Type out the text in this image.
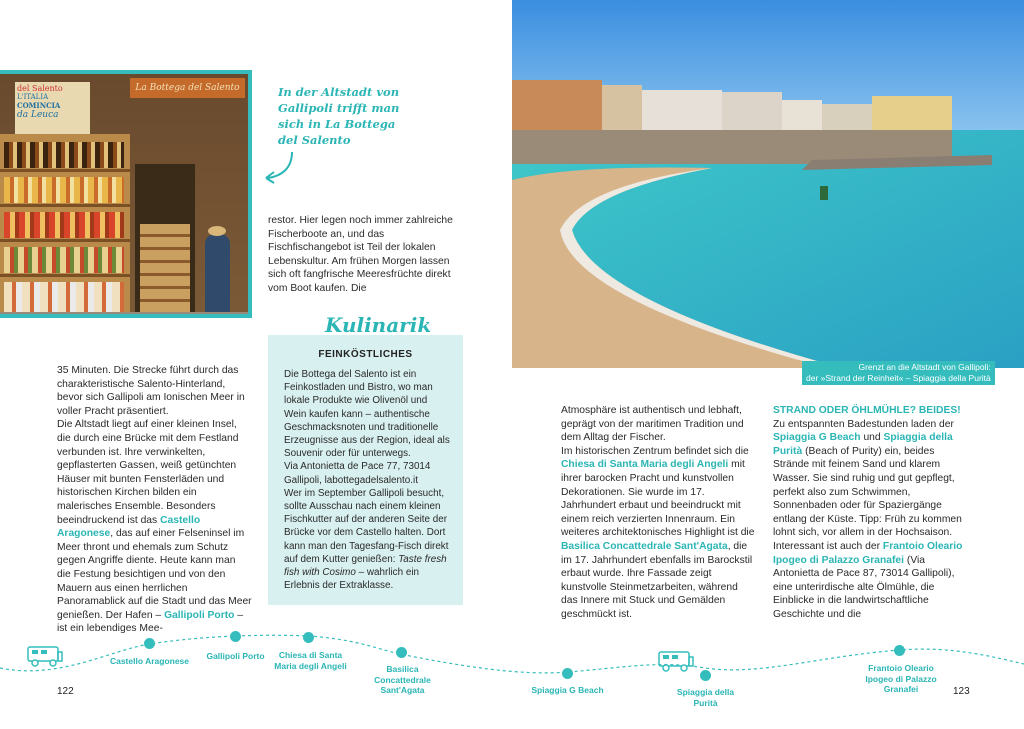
del Salento
L'ITALIA
COMINCIA
da Leuca
La Bottega del Salento	In der Altstadt von Gallipoli trifft man sich in La Bottega del Salento

35 Minuten. Die Strecke führt durch das charakteristische Salento-Hinterland, bevor sich Gallipoli am Ionischen Meer in voller Pracht präsentiert.

Die Altstadt liegt auf einer kleinen Insel, die durch eine Brücke mit dem Festland verbunden ist. Ihre verwinkelten, gepflasterten Gassen, weiß getünchten Häuser mit bunten Fensterläden und historischen Kirchen bilden ein malerisches Ensemble. Besonders beeindruckend ist das Castello Aragonese, das auf einer Felseninsel im Meer thront und ehemals zum Schutz gegen Angriffe diente. Heute kann man die Festung besichtigen und von den Mauern aus einen herrlichen Panoramablick auf die Stadt und das Meer genießen. Der Hafen – Gallipoli Porto – ist ein lebendiges Mee-

restor. Hier legen noch immer zahlreiche Fischerboote an, und das Fischfischangebot ist Teil der lokalen Lebenskultur. Am frühen Morgen lassen sich oft fangfrische Meeresfrüchte direkt vom Boot kaufen. Die
Kulinarik
FEINKÖSTLICHES

Die Bottega del Salento ist ein Feinkostladen und Bistro, wo man lokale Produkte wie Olivenöl und Wein kaufen kann – authentische Geschmacksnoten und traditionelle Erzeugnisse aus der Region, ideal als Souvenir oder für unterwegs.

Via Antonietta de Pace 77, 73014 Gallipoli, labottegadelsalento.it

Wer im September Gallipoli besucht, sollte Ausschau nach einem kleinen Fischkutter auf der anderen Seite der Brücke vor dem Castello halten. Dort kann man den Tagesfang-Fisch direkt auf dem Kutter genießen: Taste fresh fish with Cosimo – wahrlich ein Erlebnis der Extraklasse.

Grenzt an die Altstadt von Gallipoli:
der »Strand der Reinheit« – Spiaggia della Purità

Atmosphäre ist authentisch und lebhaft, geprägt von der maritimen Tradition und dem Alltag der Fischer.

Im historischen Zentrum befindet sich die Chiesa di Santa Maria degli Angeli mit ihrer barocken Pracht und kunstvollen Dekorationen. Sie wurde im 17. Jahrhundert erbaut und beeindruckt mit einem reich verzierten Innenraum. Ein weiteres architektonisches Highlight ist die Basilica Concattedrale Sant'Agata, die im 17. Jahrhundert ebenfalls im Barockstil erbaut wurde. Ihre Fassade zeigt kunstvolle Steinmetzarbeiten, während das Innere mit Stuck und Gemälden geschmückt ist.

STRAND ODER ÖHLMÜHLE? BEIDES!

Zu entspannten Badestunden laden der Spiaggia G Beach und Spiaggia della Purità (Beach of Purity) ein, beides Strände mit feinem Sand und klarem Wasser. Sie sind ruhig und gut gepflegt, perfekt also zum Schwimmen, Sonnenbaden oder für Spaziergänge entlang der Küste. Tipp: Früh zu kommen lohnt sich, vor allem in der Hochsaison.

Interessant ist auch der Frantoio Oleario Ipogeo di Palazzo Granafei (Via Antonietta de Pace 87, 73014 Gallipoli), eine unterirdische alte Ölmühle, die Einblicke in die landwirtschaftliche Geschichte und die

Castello Aragonese	Gallipoli Porto	Chiesa di Santa Maria degli Angeli	Basilica Concattedrale Sant'Agata	Spiaggia G Beach	Spiaggia della Purità
Frantoio Oleario Ipogeo di Palazzo Granafei
122	123
